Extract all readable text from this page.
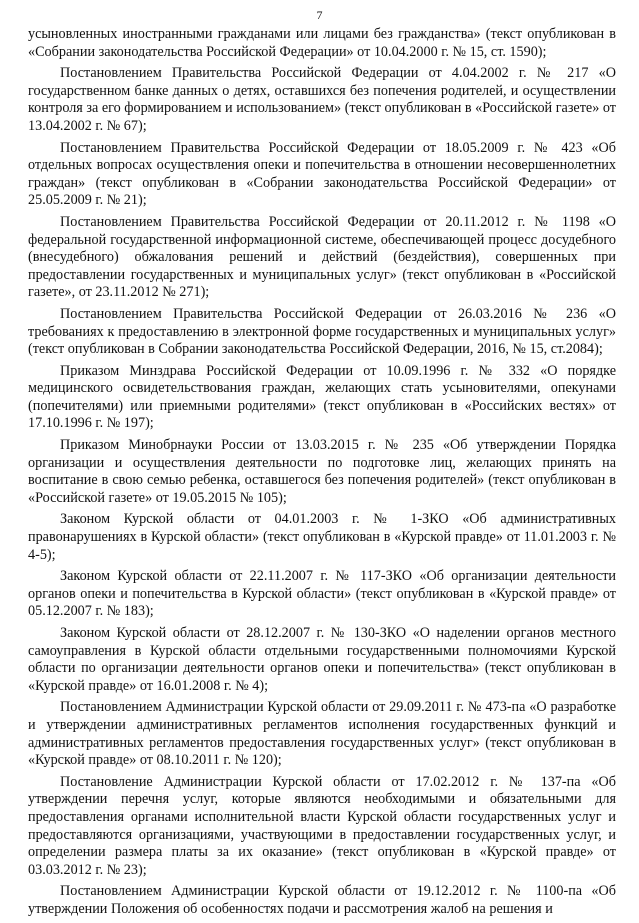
7

усыновленных иностранными гражданами или лицами без гражданства» (текст опубликован в «Собрании законодательства Российской Федерации» от 10.04.2000 г. № 15, ст. 1590);

Постановлением Правительства Российской Федерации от 4.04.2002 г. № 217 «О государственном банке данных о детях, оставшихся без попечения родителей, и осуществлении контроля за его формированием и использованием» (текст опубликован в «Российской газете» от 13.04.2002 г. № 67);

Постановлением Правительства Российской Федерации от 18.05.2009 г. № 423 «Об отдельных вопросах осуществления опеки и попечительства в отношении несовершеннолетних граждан» (текст опубликован в «Собрании законодательства Российской Федерации» от 25.05.2009 г. № 21);

Постановлением Правительства Российской Федерации от 20.11.2012 г. № 1198 «О федеральной государственной информационной системе, обеспечивающей процесс досудебного (внесудебного) обжалования решений и действий (бездействия), совершенных при предоставлении государственных и муниципальных услуг» (текст опубликован в «Российской газете», от 23.11.2012 № 271);

Постановлением Правительства Российской Федерации от 26.03.2016 № 236 «О требованиях к предоставлению в электронной форме государственных и муниципальных услуг» (текст опубликован в Собрании законодательства Российской Федерации, 2016, № 15, ст.2084);

Приказом Минздрава Российской Федерации от 10.09.1996 г. № 332 «О порядке медицинского освидетельствования граждан, желающих стать усыновителями, опекунами (попечителями) или приемными родителями» (текст опубликован в «Российских вестях» от 17.10.1996 г. № 197);

Приказом Минобрнауки России от 13.03.2015 г. № 235 «Об утверждении Порядка организации и осуществления деятельности по подготовке лиц, желающих принять на воспитание в свою семью ребенка, оставшегося без попечения родителей» (текст опубликован в «Российской газете» от 19.05.2015 № 105);

Законом Курской области от 04.01.2003 г. № 1-ЗКО «Об административных правонарушениях в Курской области» (текст опубликован в «Курской правде» от 11.01.2003 г. № 4-5);

Законом Курской области от 22.11.2007 г. № 117-ЗКО «Об организации деятельности органов опеки и попечительства в Курской области» (текст опубликован в «Курской правде» от 05.12.2007 г. № 183);

Законом Курской области от 28.12.2007 г. № 130-ЗКО «О наделении органов местного самоуправления в Курской области отдельными государственными полномочиями Курской области по организации деятельности органов опеки и попечительства» (текст опубликован в «Курской правде» от 16.01.2008 г. № 4);

Постановлением Администрации Курской области от 29.09.2011 г. № 473-па «О разработке и утверждении административных регламентов исполнения государственных функций и административных регламентов предоставления государственных услуг» (текст опубликован в «Курской правде» от 08.10.2011 г. № 120);

Постановление Администрации Курской области от 17.02.2012 г. № 137-па «Об утверждении перечня услуг, которые являются необходимыми и обязательными для предоставления органами исполнительной власти Курской области государственных услуг и предоставляются организациями, участвующими в предоставлении государственных услуг, и определении размера платы за их оказание» (текст опубликован в «Курской правде» от 03.03.2012 г. № 23);

Постановлением Администрации Курской области от 19.12.2012 г. № 1100-па «Об утверждении Положения об особенностях подачи и рассмотрения жалоб на решения и
